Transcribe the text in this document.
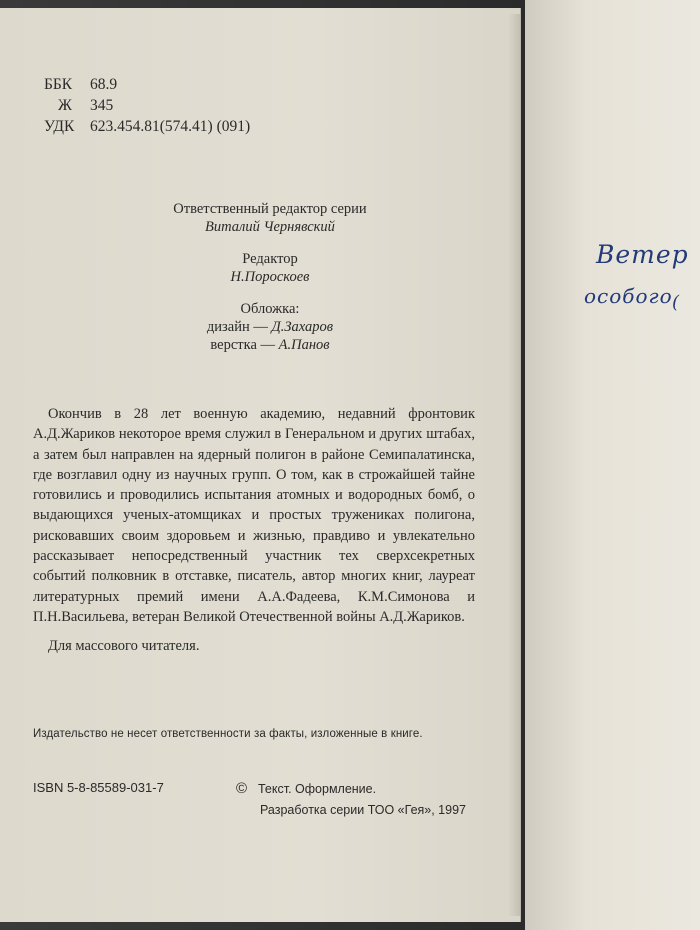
ББК	68.9
Ж	345
УДК	623.454.81(574.41) (091)
Ответственный редактор серии
Виталий Чернявский
Редактор
Н.Пороскоев
Обложка:
дизайн — Д.Захаров
верстка — А.Панов

Окончив в 28 лет военную академию, недавний фронтовик А.Д.Жариков некоторое время служил в Генеральном и других штабах, а затем был направлен на ядерный полигон в районе Семипалатинска, где возглавил одну из научных групп. О том, как в строжайшей тайне готовились и проводились испытания атомных и водородных бомб, о выдающихся ученых-атомщиках и простых тружениках полигона, рисковавших своим здоровьем и жизнью, правдиво и увлекательно рассказывает непосредственный участник тех сверхсекретных событий полковник в отставке, писатель, автор многих книг, лауреат литературных премий имени А.А.Фадеева, К.М.Симонова и П.Н.Васильева, ветеран Великой Отечественной войны А.Д.Жариков.

Для массового читателя.
Издательство не несет ответственности за факты, изложенные в книге.
ISBN 5-8-85589-031-7	© Текст. Оформление.
Разработка серии ТОО «Гея», 1997
Ветер
особого (
